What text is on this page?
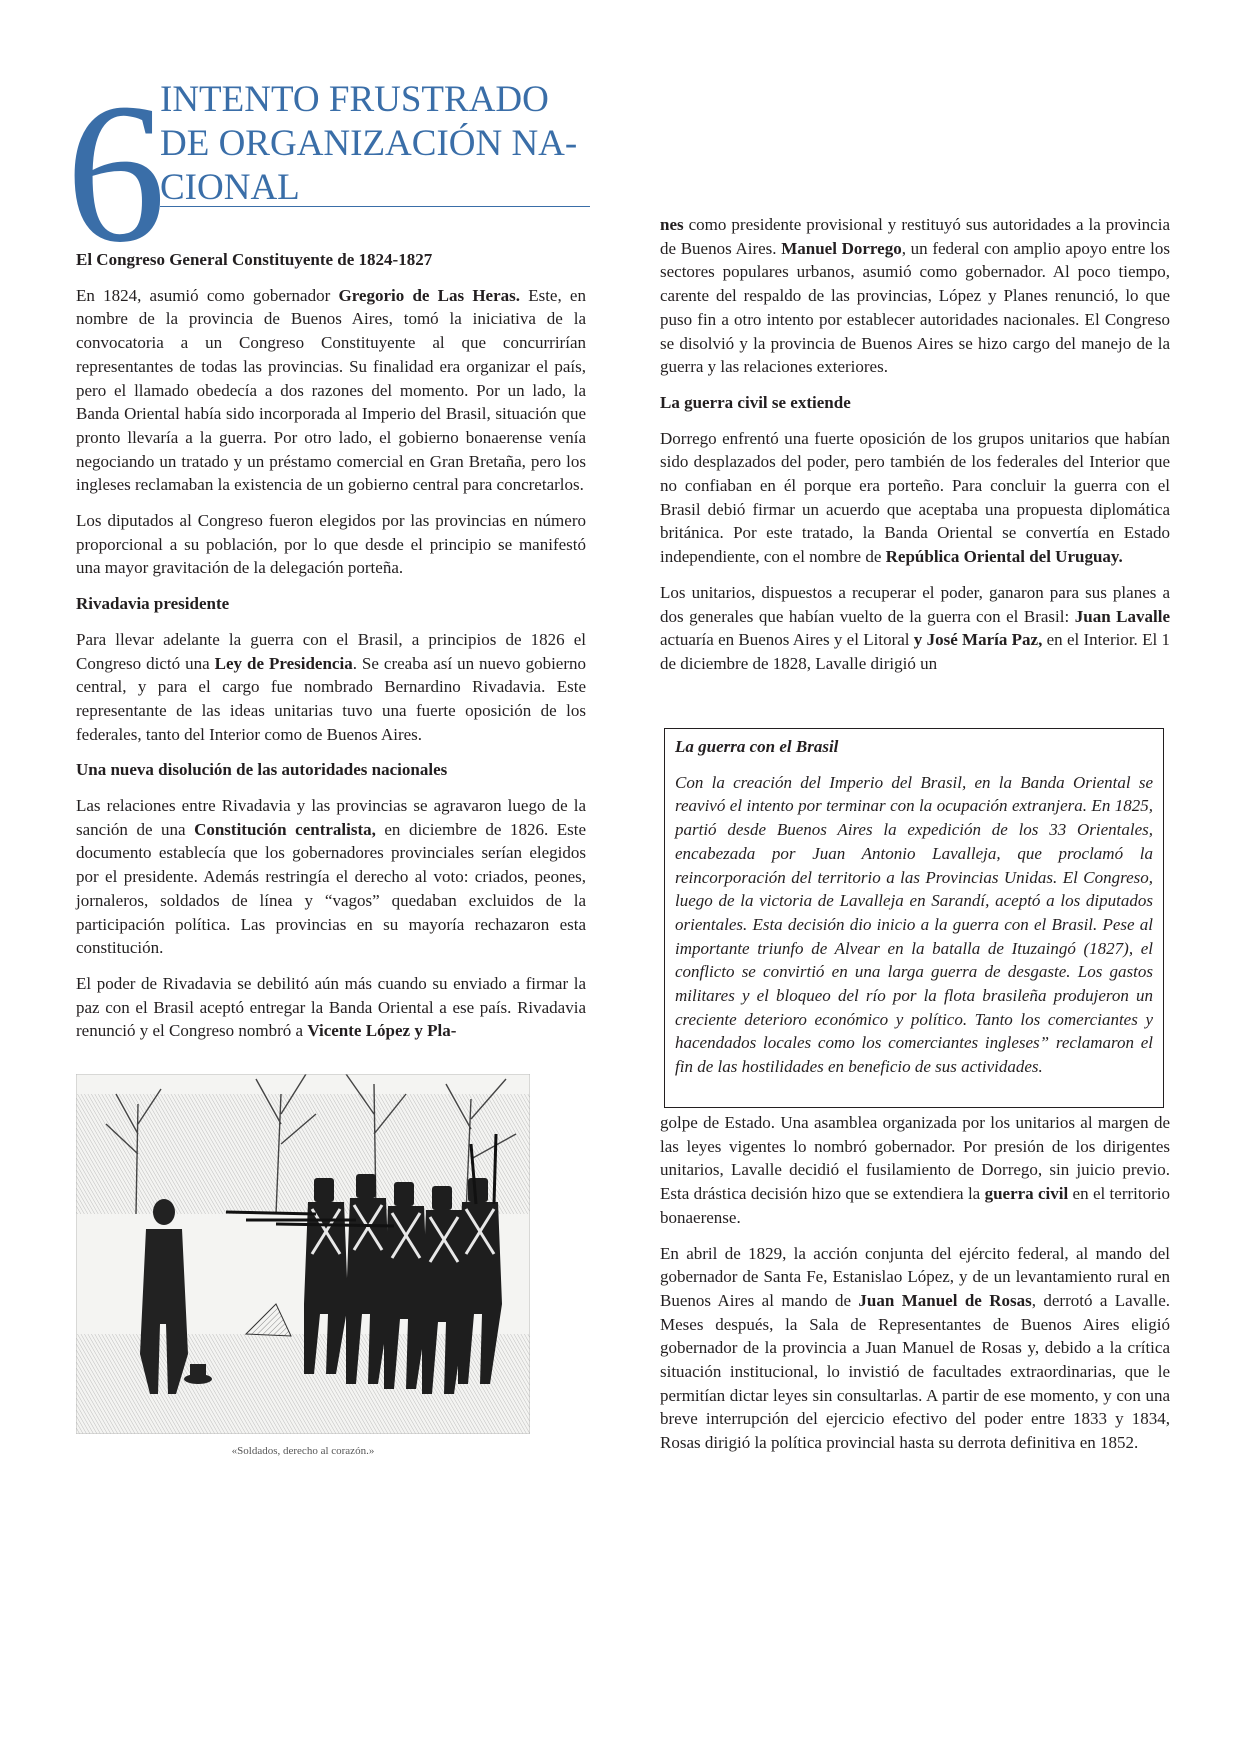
6
INTENTO FRUSTRADO
DE ORGANIZACIÓN NA-
CIONAL
El Congreso General Constituyente de 1824-1827

En 1824, asumió como gobernador Gregorio de Las Heras. Este, en nombre de la provincia de Buenos Aires, tomó la iniciativa de la convocatoria a un Congreso Constituyente al que concurrirían representantes de todas las provincias. Su finalidad era organizar el país, pero el llamado obedecía a dos razones del momento. Por un lado, la Banda Oriental había sido incorporada al Imperio del Brasil, situación que pronto llevaría a la guerra. Por otro lado, el gobierno bonaerense venía negociando un tratado y un préstamo comercial en Gran Bretaña, pero los ingleses reclamaban la existencia de un gobierno central para concretarlos.

Los diputados al Congreso fueron elegidos por las provincias en número proporcional a su población, por lo que desde el principio se manifestó una mayor gravitación de la delegación porteña.

Rivadavia presidente

Para llevar adelante la guerra con el Brasil, a principios de 1826 el Congreso dictó una Ley de Presidencia. Se creaba así un nuevo gobierno central, y para el cargo fue nombrado Bernardino Rivadavia. Este representante de las ideas unitarias tuvo una fuerte oposición de los federales, tanto del Interior como de Buenos Aires.

Una nueva disolución de las autoridades nacionales

Las relaciones entre Rivadavia y las provincias se agravaron luego de la sanción de una Constitución centralista, en diciembre de 1826. Este documento establecía que los gobernadores provinciales serían elegidos por el presidente. Además restringía el derecho al voto: criados, peones, jornaleros, soldados de línea y “vagos” quedaban excluidos de la participación política. Las provincias en su mayoría rechazaron esta constitución.

El poder de Rivadavia se debilitó aún más cuando su enviado a firmar la paz con el Brasil aceptó entregar la Banda Oriental a ese país. Rivadavia renunció y el Congreso nombró a Vicente López y Pla-

«Soldados, derecho al corazón.»

nes como presidente provisional y restituyó sus autoridades a la provincia de Buenos Aires. Manuel Dorrego, un federal con amplio apoyo entre los sectores populares urbanos, asumió como gobernador. Al poco tiempo, carente del respaldo de las provincias, López y Planes renunció, lo que puso fin a otro intento por establecer autoridades nacionales. El Congreso se disolvió y la provincia de Buenos Aires se hizo cargo del manejo de la guerra y las relaciones exteriores.

La guerra civil se extiende

Dorrego enfrentó una fuerte oposición de los grupos unitarios que habían sido desplazados del poder, pero también de los federales del Interior que no confiaban en él porque era porteño. Para concluir la guerra con el Brasil debió firmar un acuerdo que aceptaba una propuesta diplomática británica. Por este tratado, la Banda Oriental se convertía en Estado independiente, con el nombre de República Oriental del Uruguay.

Los unitarios, dispuestos a recuperar el poder, ganaron para sus planes a dos generales que habían vuelto de la guerra con el Brasil: Juan Lavalle actuaría en Buenos Aires y el Litoral y José María Paz, en el Interior. El 1 de diciembre de 1828, Lavalle dirigió un

La guerra con el Brasil

Con la creación del Imperio del Brasil, en la Banda Oriental se reavivó el intento por terminar con la ocupación extranjera. En 1825, partió desde Buenos Aires la expedición de los 33 Orientales, encabezada por Juan Antonio Lavalleja, que proclamó la reincorporación del territorio a las Provincias Unidas. El Congreso, luego de la victoria de Lavalleja en Sarandí, aceptó a los diputados orientales. Esta decisión dio inicio a la guerra con el Brasil. Pese al importante triunfo de Alvear en la batalla de Ituzaingó (1827), el conflicto se convirtió en una larga guerra de desgaste. Los gastos militares y el bloqueo del río por la flota brasileña produjeron un creciente deterioro económico y político. Tanto los comerciantes y hacendados locales como los comerciantes ingleses” reclamaron el fin de las hostilidades en beneficio de sus actividades.

golpe de Estado. Una asamblea organizada por los unitarios al margen de las leyes vigentes lo nombró gobernador. Por presión de los dirigentes unitarios, Lavalle decidió el fusilamiento de Dorrego, sin juicio previo. Esta drástica decisión hizo que se extendiera la guerra civil en el territorio bonaerense.

En abril de 1829, la acción conjunta del ejército federal, al mando del gobernador de Santa Fe, Estanislao López, y de un levantamiento rural en Buenos Aires al mando de Juan Manuel de Rosas, derrotó a Lavalle. Meses después, la Sala de Representantes de Buenos Aires eligió gobernador de la provincia a Juan Manuel de Rosas y, debido a la crítica situación institucional, lo invistió de facultades extraordinarias, que le permitían dictar leyes sin consultarlas. A partir de ese momento, y con una breve interrupción del ejercicio efectivo del poder entre 1833 y 1834, Rosas dirigió la política provincial hasta su derrota definitiva en 1852.
